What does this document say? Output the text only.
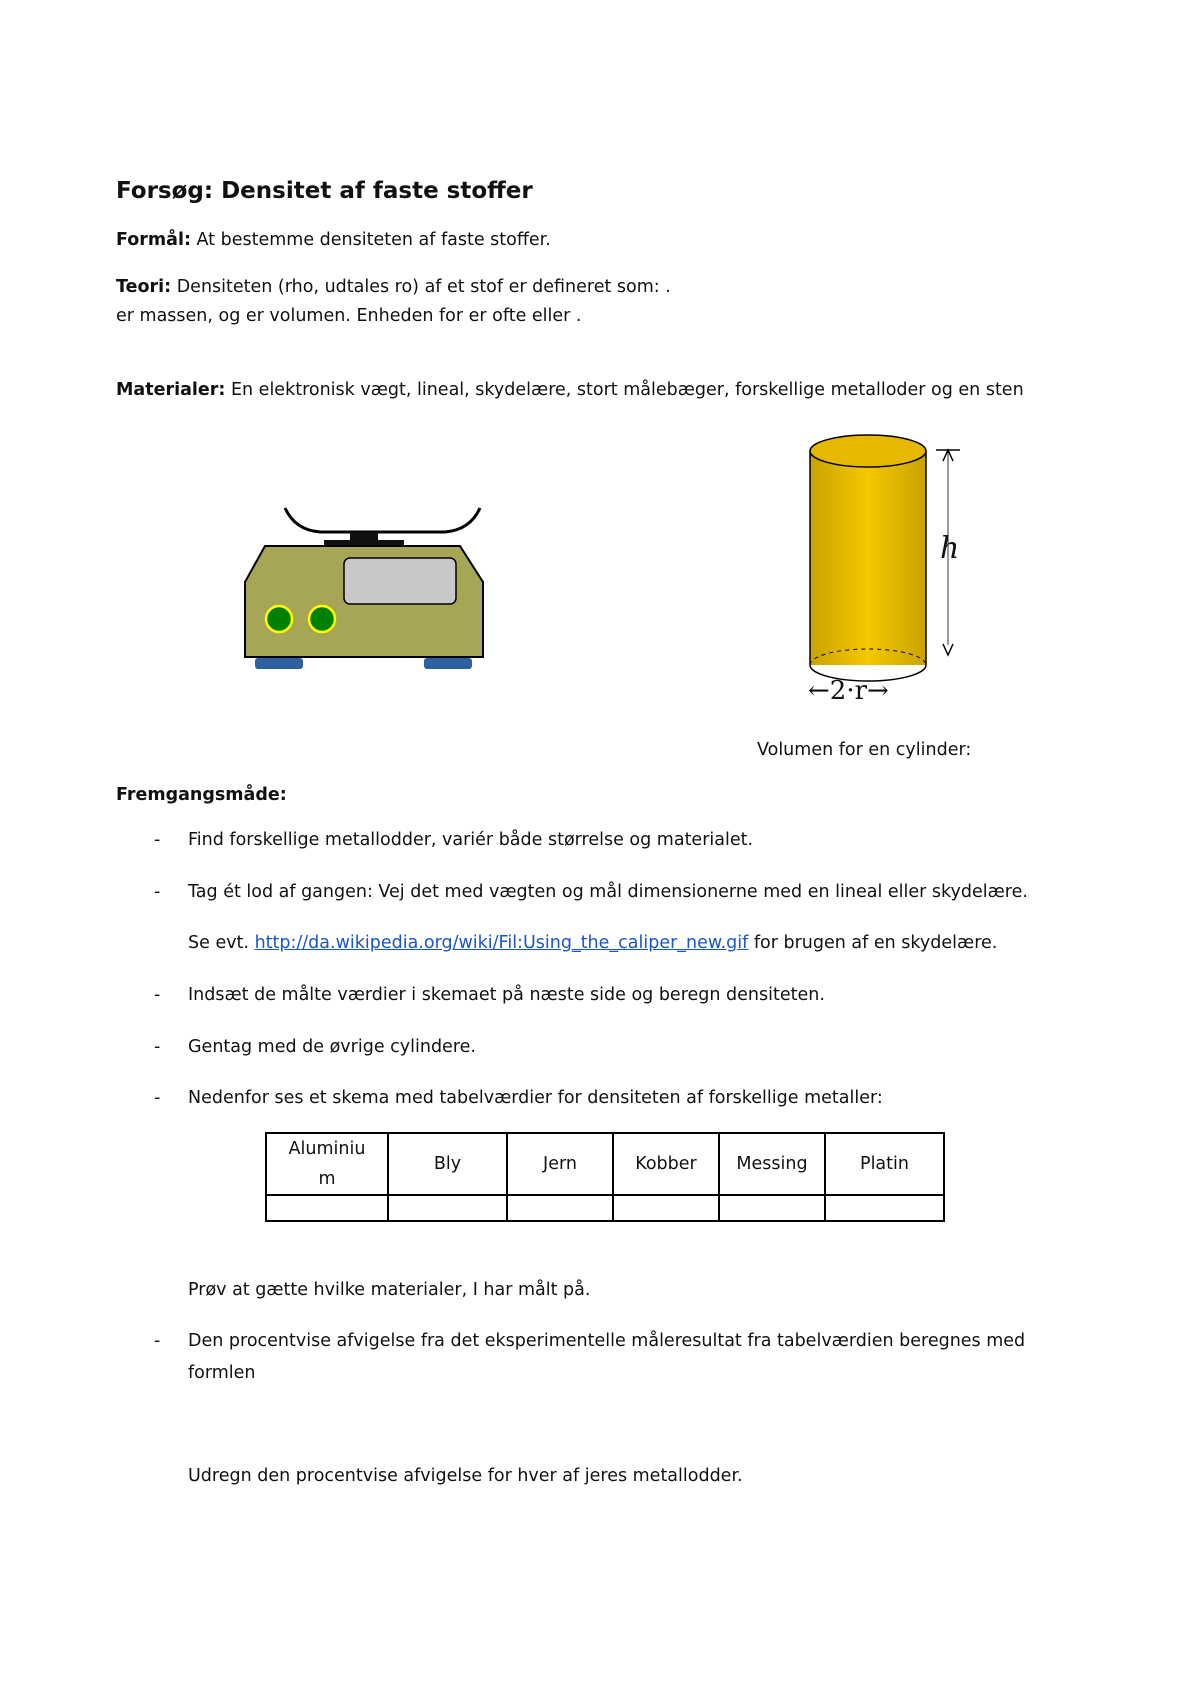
Forsøg: Densitet af faste stoffer
Formål: At bestemme densiteten af faste stoffer.
Teori: Densiteten (rho, udtales ro) af et stof er defineret som: .
er massen, og er volumen. Enheden for er ofte eller .
Materialer: En elektronisk vægt, lineal, skydelære, stort målebæger, forskellige metalloder og en sten
h
←2·r→
Volumen for en cylinder:
Fremgangsmåde:
- Find forskellige metallodder, variér både størrelse og materialet.
- Tag ét lod af gangen: Vej det med vægten og mål dimensionerne med en lineal eller skydelære.
Se evt. http://da.wikipedia.org/wiki/Fil:Using_the_caliper_new.gif for brugen af en skydelære.
- Indsæt de målte værdier i skemaet på næste side og beregn densiteten.
- Gentag med de øvrige cylindere.
- Nedenfor ses et skema med tabelværdier for densiteten af forskellige metaller:
Aluminiu
m	Bly	Jern	Kobber	Messing	Platin

Prøv at gætte hvilke materialer, I har målt på.
- Den procentvise afvigelse fra det eksperimentelle måleresultat fra tabelværdien beregnes med
formlen
Udregn den procentvise afvigelse for hver af jeres metallodder.
